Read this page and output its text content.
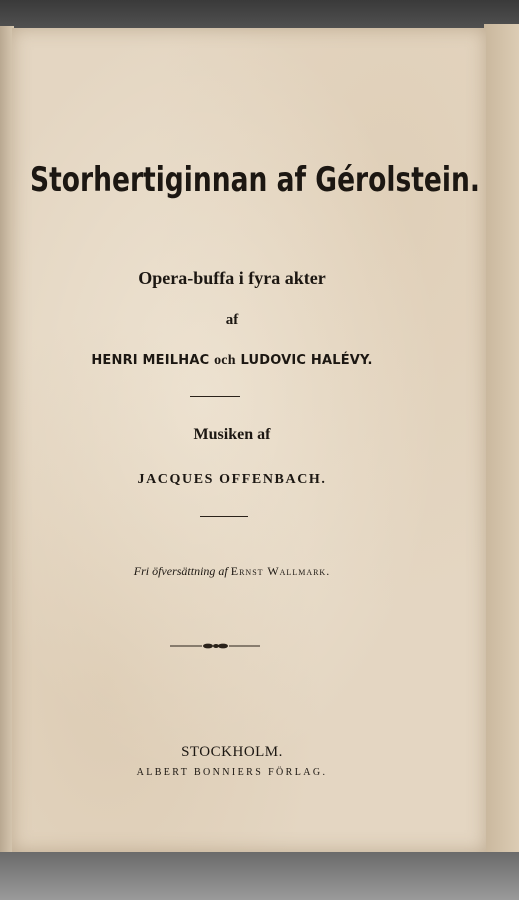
Storhertiginnan af Gérolstein.
Opera-buffa i fyra akter
af
HENRI MEILHAC och LUDOVIC HALÉVY.
Musiken af
JACQUES OFFENBACH.
Fri öfversättning af Ernst Wallmark.
STOCKHOLM.
ALBERT BONNIERS FÖRLAG.
